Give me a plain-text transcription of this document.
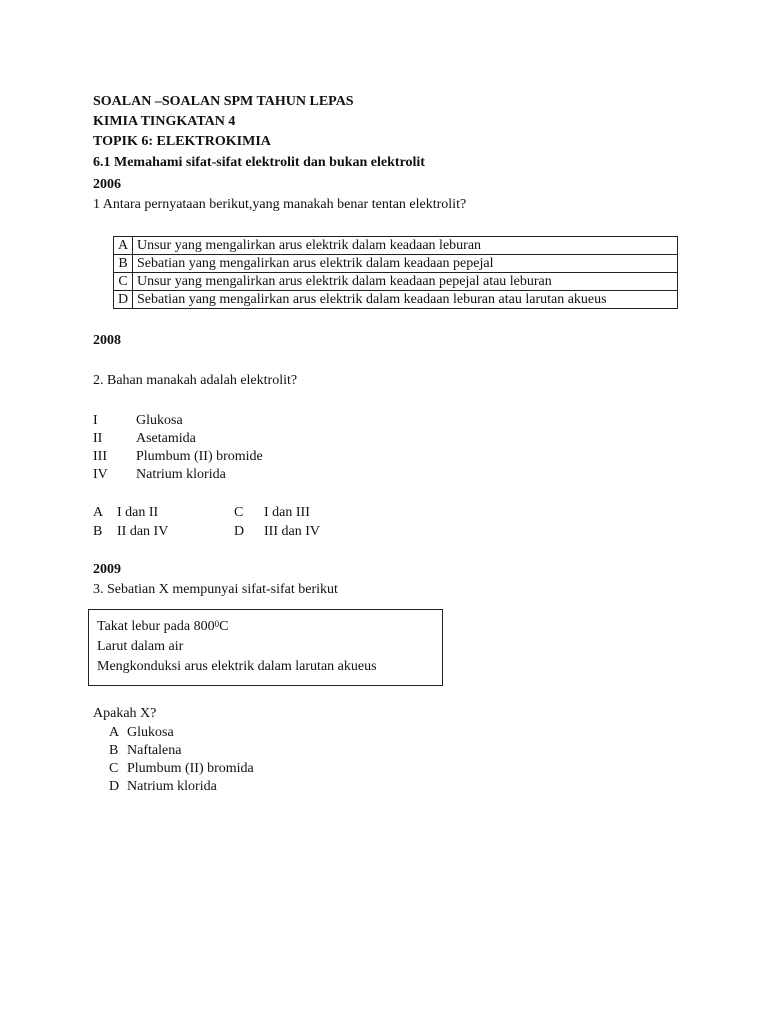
SOALAN –SOALAN SPM TAHUN LEPAS
KIMIA TINGKATAN 4
TOPIK 6: ELEKTROKIMIA
6.1 Memahami sifat-sifat elektrolit dan bukan elektrolit
2006
1 Antara pernyataan berikut,yang manakah benar tentan elektrolit?
A	Unsur yang mengalirkan arus elektrik dalam keadaan leburan
B	Sebatian yang mengalirkan arus elektrik dalam keadaan pepejal
C	Unsur yang mengalirkan arus elektrik dalam keadaan pepejal atau leburan
D	Sebatian yang mengalirkan arus elektrik dalam keadaan leburan atau larutan akueus
2008
2. Bahan manakah adalah elektrolit?
I	Glukosa
II Asetamida
III Plumbum (II) bromide
IV Natrium klorida
A I dan II
B II dan IV
C I dan III
D III dan IV
2009
3. Sebatian X mempunyai sifat-sifat berikut
Takat lebur pada $800^0C$
Larut dalam air
Mengkonduksi arus elektrik dalam larutan akueus
Apakah X?
A Glukosa
B Naftalena
C Plumbum (II) bromida
D Natrium klorida
